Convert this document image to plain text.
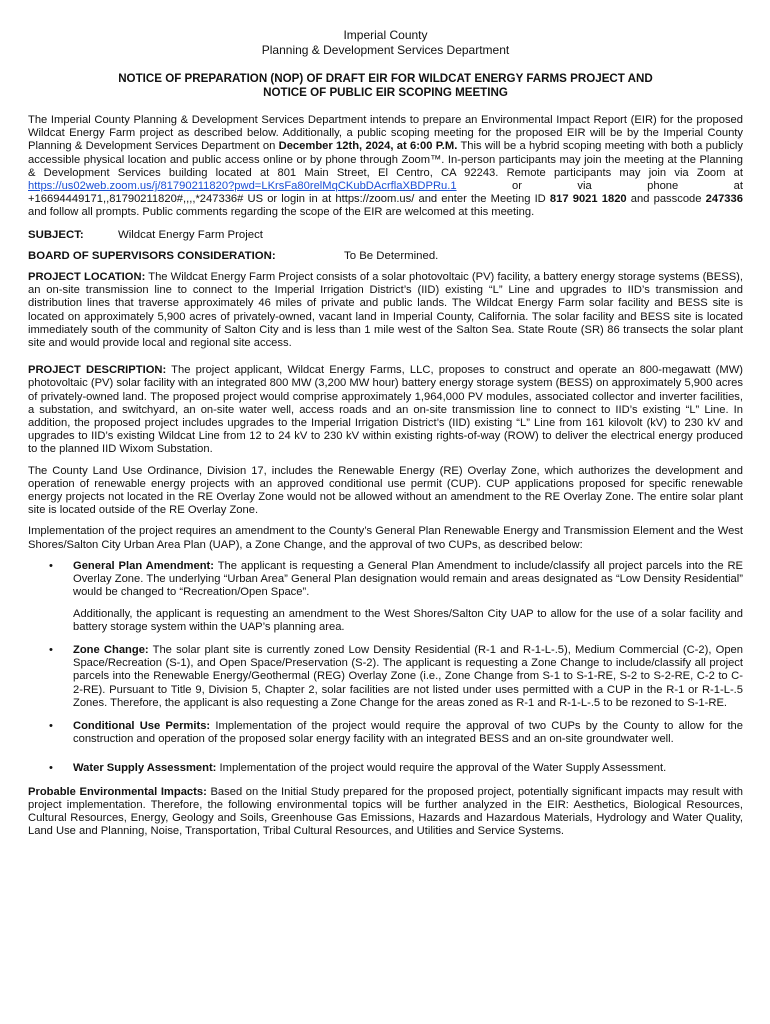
Imperial County
Planning & Development Services Department
NOTICE OF PREPARATION (NOP) OF DRAFT EIR FOR WILDCAT ENERGY FARMS PROJECT AND
NOTICE OF PUBLIC EIR SCOPING MEETING

The Imperial County Planning & Development Services Department intends to prepare an Environmental Impact Report (EIR) for the proposed Wildcat Energy Farm project as described below. Additionally, a public scoping meeting for the proposed EIR will be by the Imperial County Planning & Development Services Department on December 12th, 2024, at 6:00 P.M. This will be a hybrid scoping meeting with both a publicly accessible physical location and public access online or by phone through Zoom™. In-person participants may join the meeting at the Planning & Development Services building located at 801 Main Street, El Centro, CA 92243. Remote participants may join via Zoom at https://us02web.zoom.us/j/81790211820?pwd=LKrsFa80relMqCKubDAcrflaXBDPRu.1 or via phone at +16694449171,,81790211820#,,,,*247336# US or login in at https://zoom.us/ and enter the Meeting ID 817 9021 1820 and passcode 247336 and follow all prompts. Public comments regarding the scope of the EIR are welcomed at this meeting.

SUBJECT:	Wildcat Energy Farm Project
BOARD OF SUPERVISORS CONSIDERATION:	To Be Determined.

PROJECT LOCATION: The Wildcat Energy Farm Project consists of a solar photovoltaic (PV) facility, a battery energy storage systems (BESS), an on-site transmission line to connect to the Imperial Irrigation District’s (IID) existing “L” Line and upgrades to IID’s transmission and distribution lines that traverse approximately 46 miles of private and public lands. The Wildcat Energy Farm solar facility and BESS site is located on approximately 5,900 acres of privately-owned, vacant land in Imperial County, California. The solar facility and BESS site is located immediately south of the community of Salton City and is less than 1 mile west of the Salton Sea. State Route (SR) 86 transects the solar plant site and would provide local and regional site access.

PROJECT DESCRIPTION: The project applicant, Wildcat Energy Farms, LLC, proposes to construct and operate an 800-megawatt (MW) photovoltaic (PV) solar facility with an integrated 800 MW (3,200 MW hour) battery energy storage system (BESS) on approximately 5,900 acres of privately-owned land. The proposed project would comprise approximately 1,964,000 PV modules, associated collector and inverter facilities, a substation, and switchyard, an on-site water well, access roads and an on-site transmission line to connect to IID’s existing “L” Line. In addition, the proposed project includes upgrades to the Imperial Irrigation District’s (IID) existing “L” Line from 161 kilovolt (kV) to 230 kV and upgrades to IID’s existing Wildcat Line from 12 to 24 kV to 230 kV within existing rights-of-way (ROW) to deliver the electrical energy produced to the planned IID Wixom Substation.

The County Land Use Ordinance, Division 17, includes the Renewable Energy (RE) Overlay Zone, which authorizes the development and operation of renewable energy projects with an approved conditional use permit (CUP). CUP applications proposed for specific renewable energy projects not located in the RE Overlay Zone would not be allowed without an amendment to the RE Overlay Zone. The entire solar plant site is located outside of the RE Overlay Zone.

Implementation of the project requires an amendment to the County’s General Plan Renewable Energy and Transmission Element and the West Shores/Salton City Urban Area Plan (UAP), a Zone Change, and the approval of two CUPs, as described below:

• General Plan Amendment: The applicant is requesting a General Plan Amendment to include/classify all project parcels into the RE Overlay Zone. The underlying “Urban Area” General Plan designation would remain and areas designated as “Low Density Residential” would be changed to “Recreation/Open Space”.

Additionally, the applicant is requesting an amendment to the West Shores/Salton City UAP to allow for the use of a solar facility and battery storage system within the UAP’s planning area.

• Zone Change: The solar plant site is currently zoned Low Density Residential (R-1 and R-1-L-.5), Medium Commercial (C-2), Open Space/Recreation (S-1), and Open Space/Preservation (S-2). The applicant is requesting a Zone Change to include/classify all project parcels into the Renewable Energy/Geothermal (REG) Overlay Zone (i.e., Zone Change from S-1 to S-1-RE, S-2 to S-2-RE, C-2 to C-2-RE). Pursuant to Title 9, Division 5, Chapter 2, solar facilities are not listed under uses permitted with a CUP in the R-1 or R-1-L-.5 Zones. Therefore, the applicant is also requesting a Zone Change for the areas zoned as R-1 and R-1-L-.5 to be rezoned to S-1-RE.

• Conditional Use Permits: Implementation of the project would require the approval of two CUPs by the County to allow for the construction and operation of the proposed solar energy facility with an integrated BESS and an on-site groundwater well.

• Water Supply Assessment: Implementation of the project would require the approval of the Water Supply Assessment.

Probable Environmental Impacts: Based on the Initial Study prepared for the proposed project, potentially significant impacts may result with project implementation. Therefore, the following environmental topics will be further analyzed in the EIR: Aesthetics, Biological Resources, Cultural Resources, Energy, Geology and Soils, Greenhouse Gas Emissions, Hazards and Hazardous Materials, Hydrology and Water Quality, Land Use and Planning, Noise, Transportation, Tribal Cultural Resources, and Utilities and Service Systems.
